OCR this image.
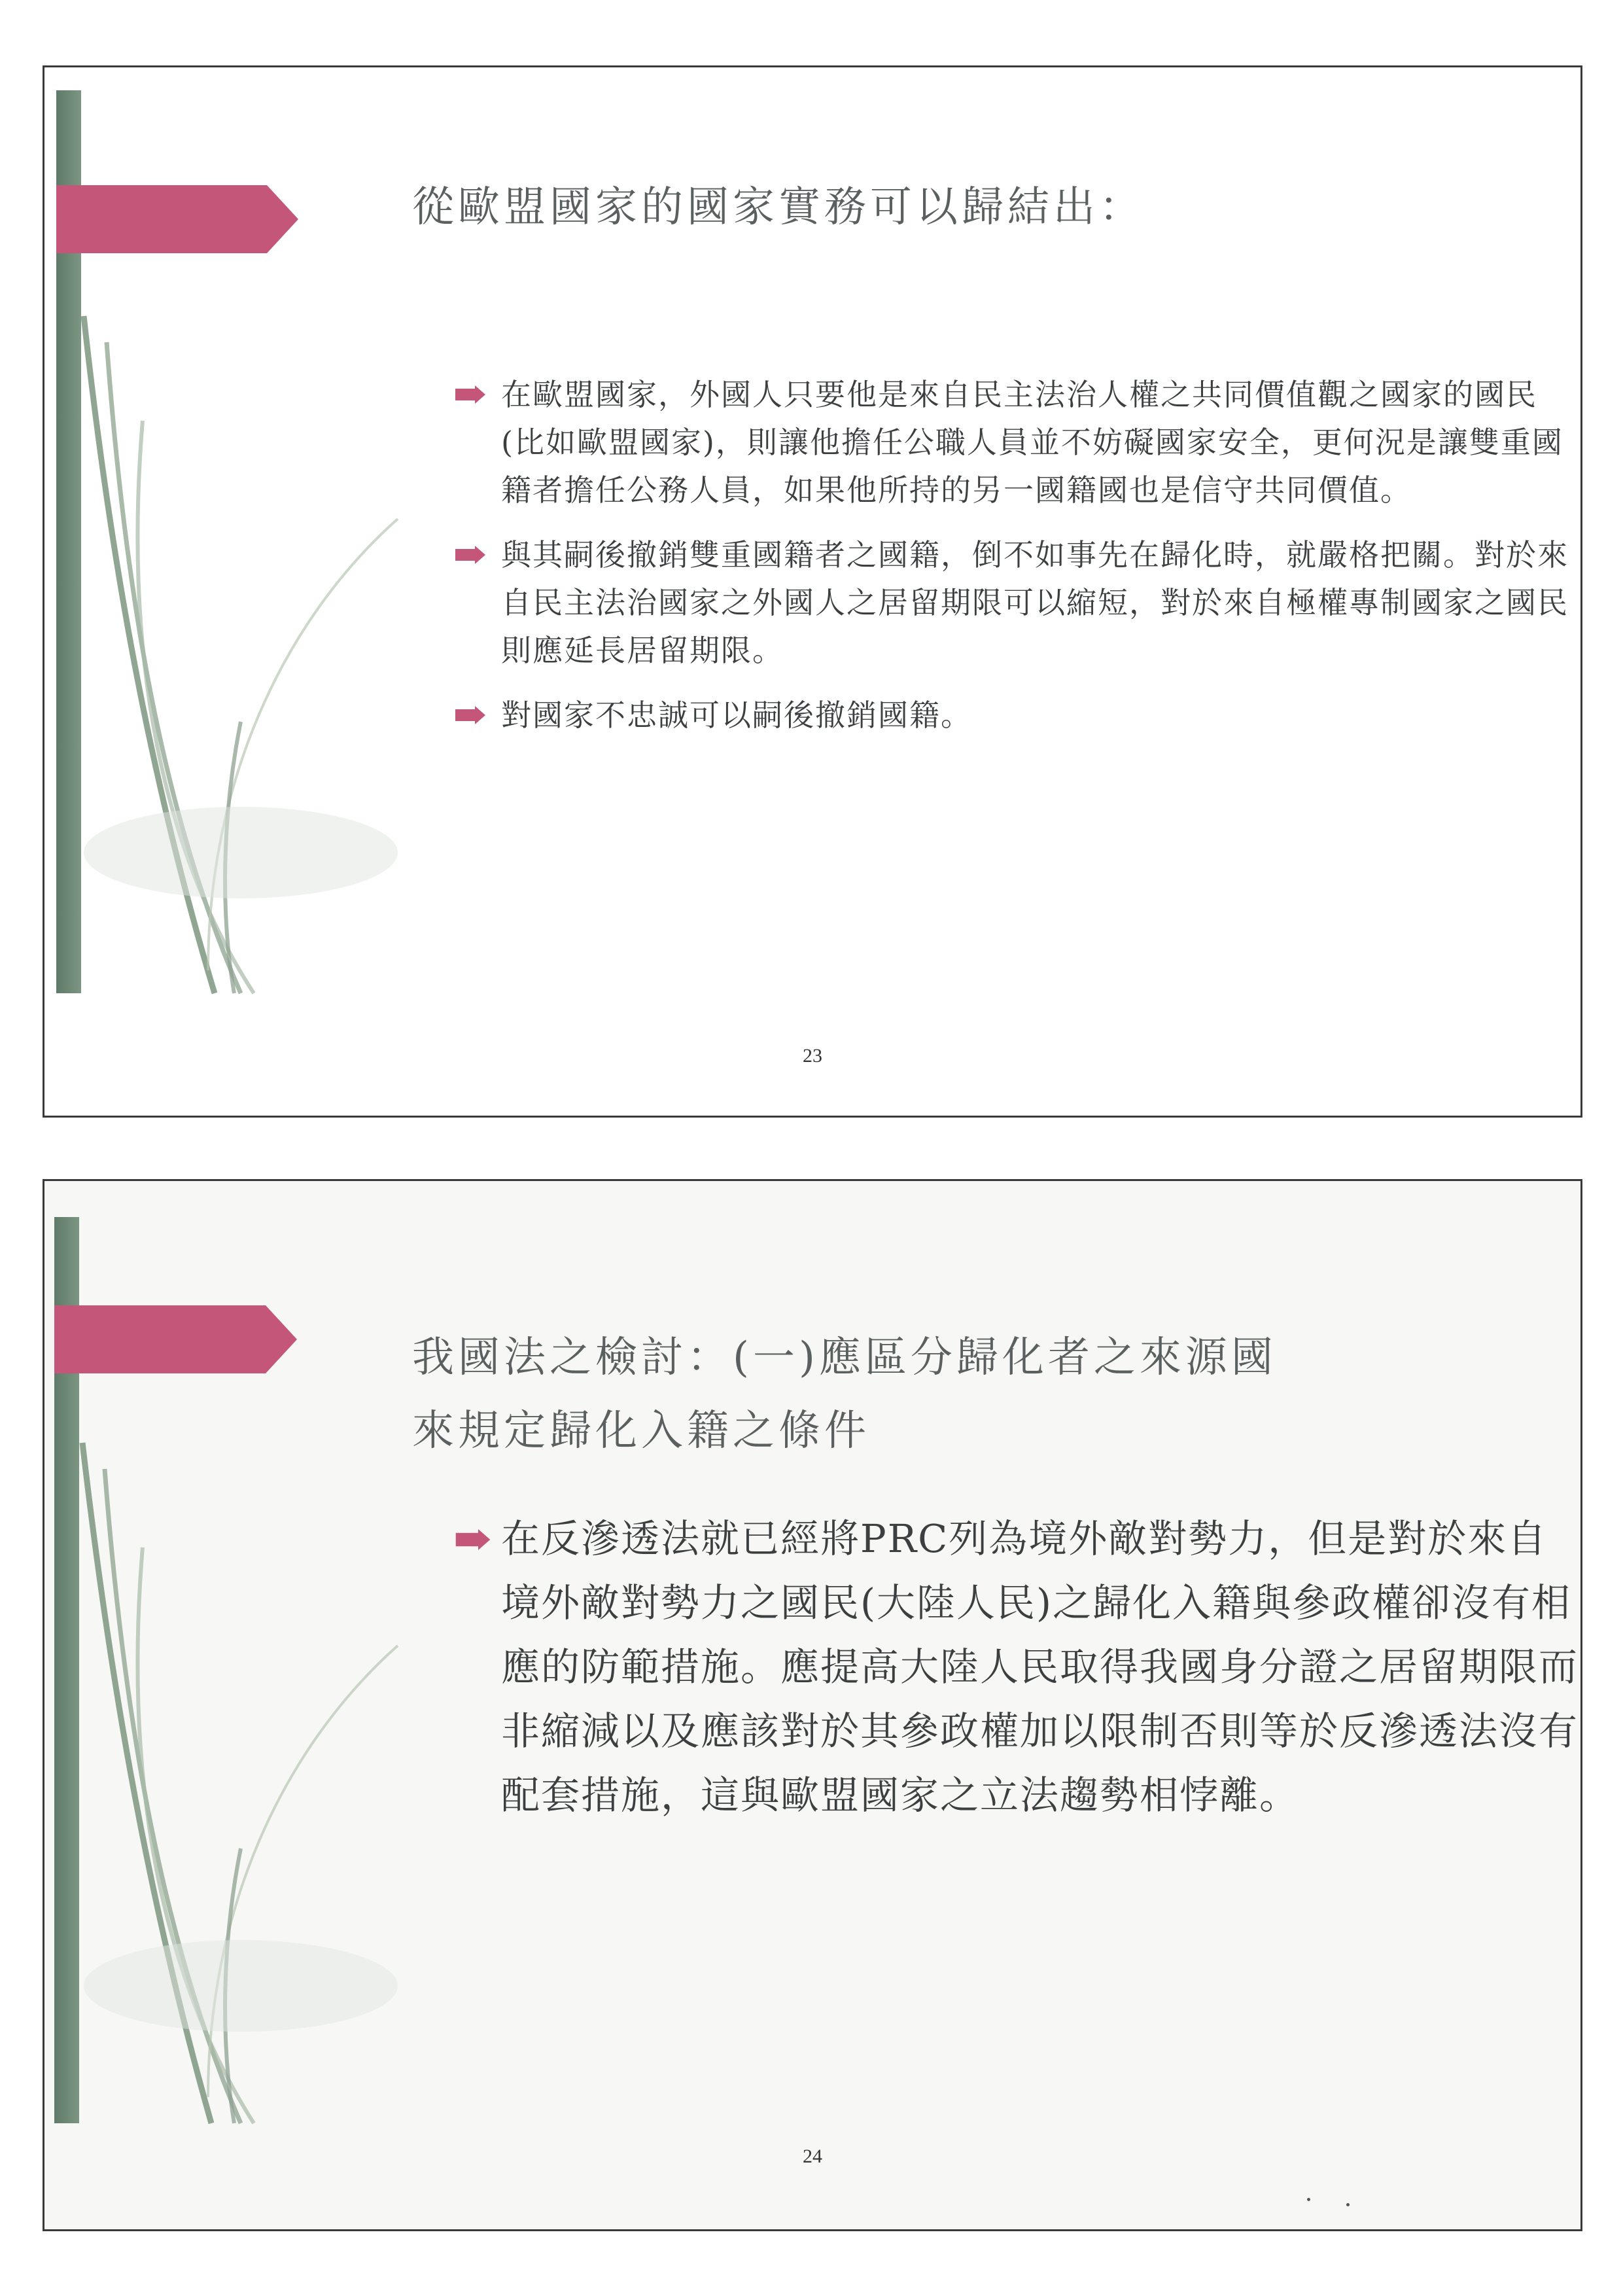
從歐盟國家的國家實務可以歸結出：
在歐盟國家，外國人只要他是來自民主法治人權之共同價值觀之國家的國民(比如歐盟國家)，則讓他擔任公職人員並不妨礙國家安全，更何況是讓雙重國籍者擔任公務人員，如果他所持的另一國籍國也是信守共同價值。
與其嗣後撤銷雙重國籍者之國籍，倒不如事先在歸化時，就嚴格把關。對於來自民主法治國家之外國人之居留期限可以縮短，對於來自極權專制國家之國民則應延長居留期限。
對國家不忠誠可以嗣後撤銷國籍。
23
我國法之檢討：(一)應區分歸化者之來源國
來規定歸化入籍之條件
在反滲透法就已經將PRC列為境外敵對勢力，但是對於來自境外敵對勢力之國民(大陸人民)之歸化入籍與參政權卻沒有相應的防範措施。應提高大陸人民取得我國身分證之居留期限而非縮減以及應該對於其參政權加以限制否則等於反滲透法沒有配套措施，這與歐盟國家之立法趨勢相悖離。
24
